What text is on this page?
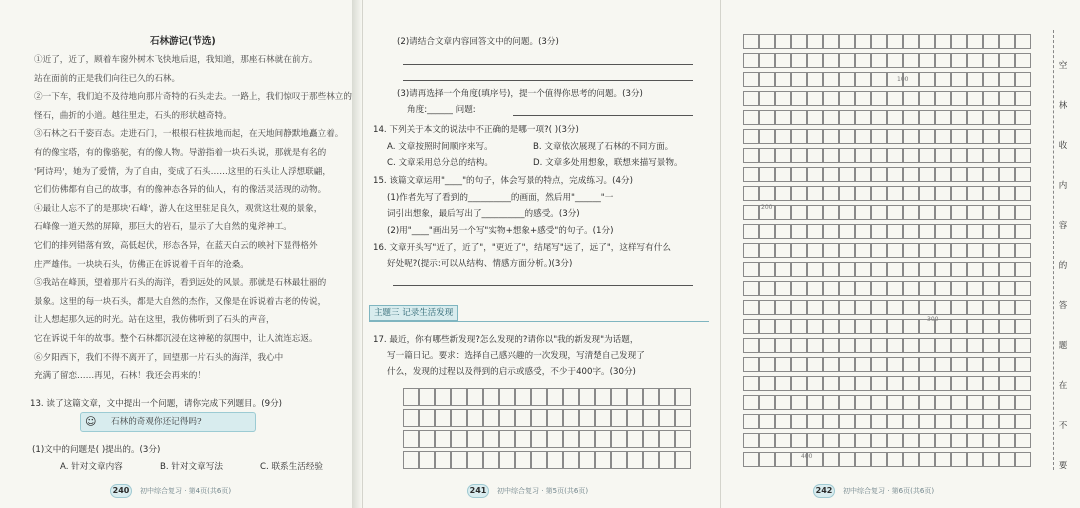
石林游记(节选)
①近了，近了，顾着车窗外树木飞快地后退，我知道，那座石林就在前方。
站在面前的正是我们向往已久的石林。
②一下车，我们迫不及待地向那片奇特的石头走去。一路上，我们惊叹于那些林立的
怪石，曲折的小道。越往里走，石头的形状越奇特。
③石林之石千姿百态。走进石门，一根根石柱拔地而起，在天地间静默地矗立着。
有的像宝塔，有的像骆驼，有的像人物。导游指着一块石头说，那就是有名的
'阿诗玛'，她为了爱情，为了自由，变成了石头……这里的石头让人浮想联翩，
它们仿佛都有自己的故事，有的像神态各异的仙人，有的像活灵活现的动物。
④最让人忘不了的是那块'石峰'，游人在这里驻足良久，观赏这壮观的景象，
石峰像一道天然的屏障，那巨大的岩石，显示了大自然的鬼斧神工。
它们的排列错落有致，高低起伏，形态各异，在蓝天白云的映衬下显得格外
庄严雄伟。一块块石头，仿佛正在诉说着千百年的沧桑。
⑤我站在峰顶，望着那片石头的海洋，看到远处的风景。那就是石林最壮丽的
景象。这里的每一块石头，都是大自然的杰作，又像是在诉说着古老的传说，
让人想起那久远的时光。站在这里，我仿佛听到了石头的声音，
它在诉说千年的故事。整个石林都沉浸在这神秘的氛围中，让人流连忘返。
⑥夕阳西下，我们不得不离开了，回望那一片石头的海洋，我心中
充满了留恋……再见，石林！我还会再来的！
13. 读了这篇文章，文中提出一个问题，请你完成下列题目。(9分)
☺ 石林的奇观你还记得吗?
(1)文中的问题是( )提出的。(3分)
A. 针对文章内容	B. 针对文章写法	C. 联系生活经验
240	初中综合复习 · 第4页(共6页)
(2)请结合文章内容回答文中的问题。(3分)
(3)请再选择一个角度(填序号)，提一个值得你思考的问题。(3分)
角度:______ 问题:
14. 下列关于本文的说法中不正确的是哪一项?( )(3分)
A. 文章按照时间顺序来写。	B. 文章依次展现了石林的不同方面。
C. 文章采用总分总的结构。	D. 文章多处用想象，联想来描写景物。
15. 该篇文章运用"____"的句子，体会写景的特点，完成练习。(4分)
(1)作者先写了看到的__________的画面，然后用"______"一
词引出想象，最后写出了__________的感受。(3分)
(2)用"____"画出另一个写"实物+想象+感受"的句子。(1分)
16. 文章开头写"近了，近了"，"更近了"，结尾写"远了，远了"，这样写有什么
好处呢?(提示:可以从结构、情感方面分析。)(3分)
主题三 记录生活发现
17. 最近，你有哪些新发现?怎么发现的?请你以"我的新发现"为话题，
写一篇日记。要求：选择自己感兴趣的一次发现，写清楚自己发现了
什么，发现的过程以及得到的启示或感受，不少于400字。(30分)
241	初中综合复习 · 第5页(共6页)
100
200
300
400
空
林
收
内
容
的
答
题
在
不
要
242	初中综合复习 · 第6页(共6页)
